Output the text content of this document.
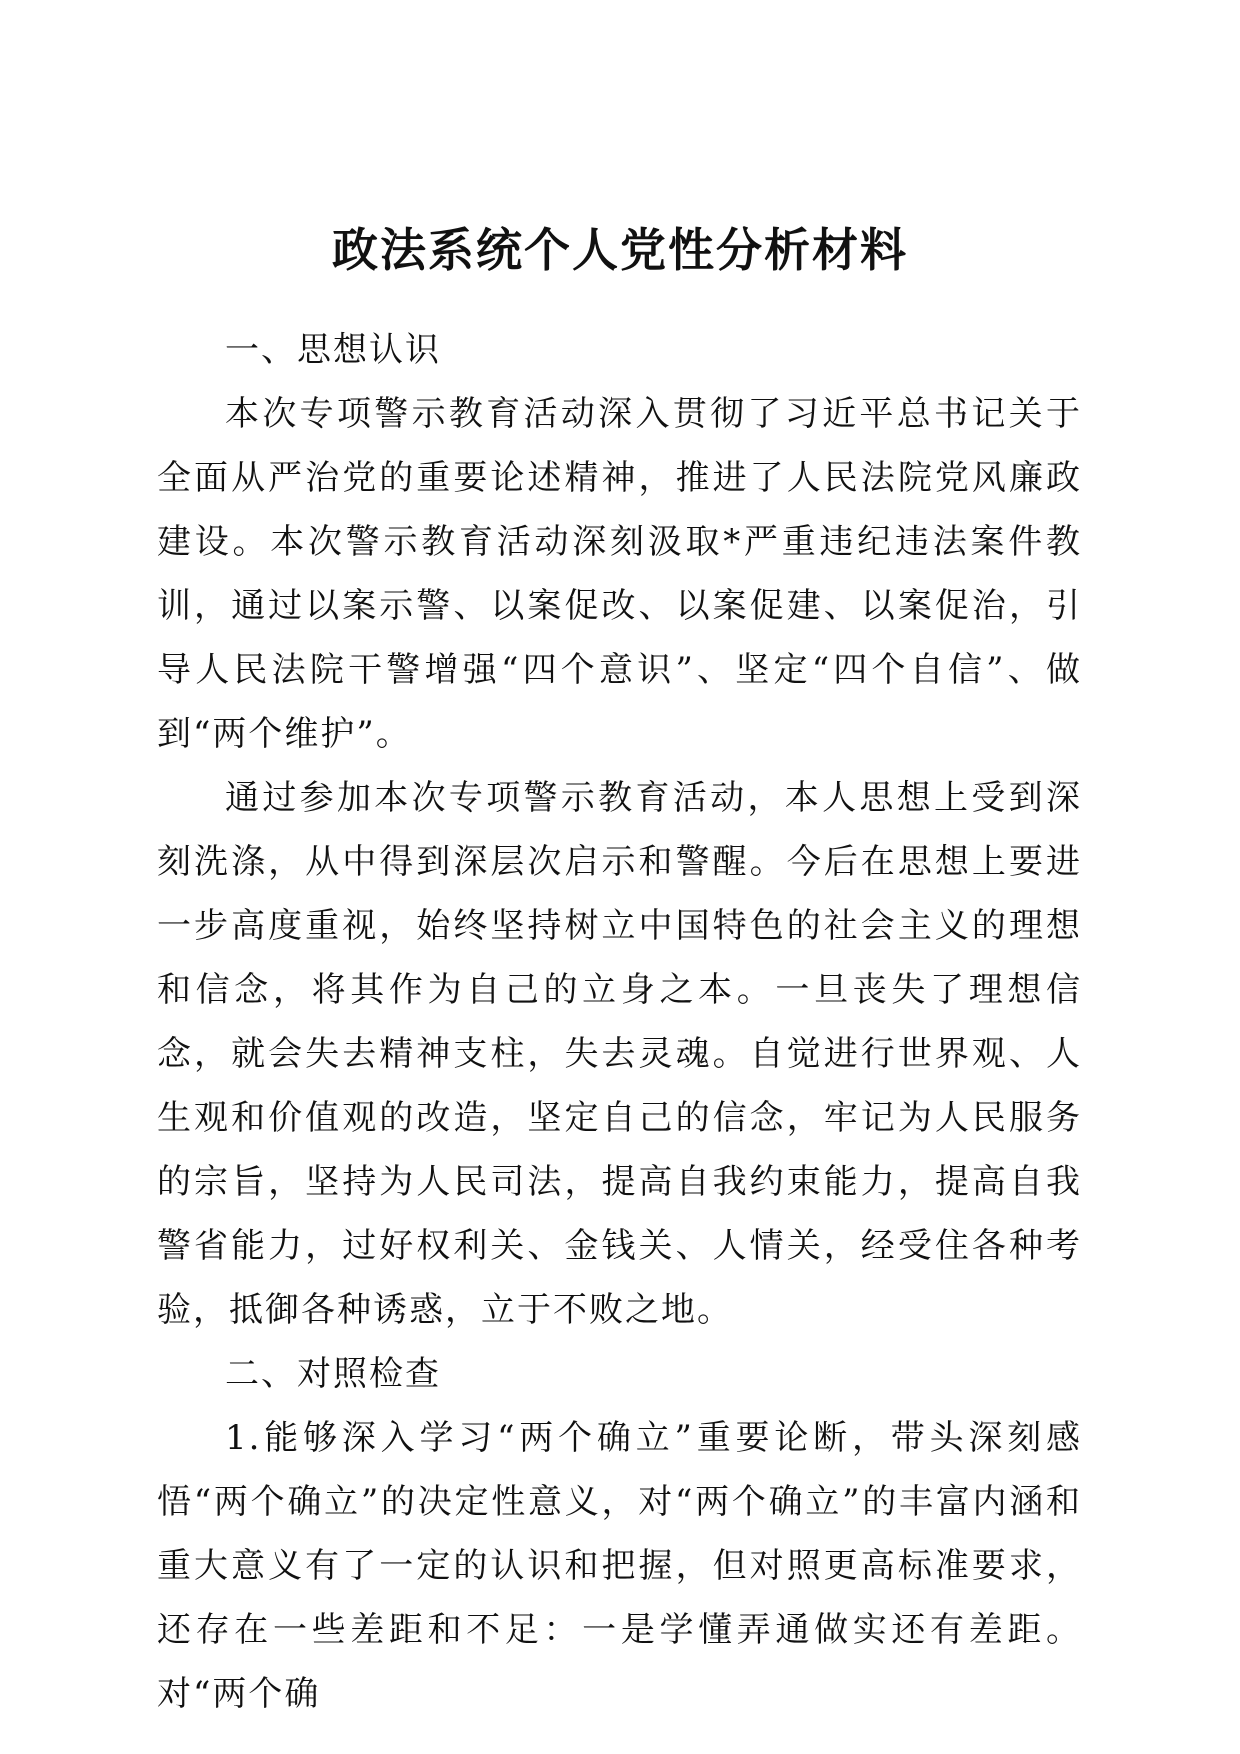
政法系统个人党性分析材料

一、思想认识

本次专项警示教育活动深入贯彻了习近平总书记关于全面从严治党的重要论述精神，推进了人民法院党风廉政建设。本次警示教育活动深刻汲取*严重违纪违法案件教训，通过以案示警、以案促改、以案促建、以案促治，引导人民法院干警增强“四个意识”、坚定“四个自信”、做到“两个维护”。

通过参加本次专项警示教育活动，本人思想上受到深刻洗涤，从中得到深层次启示和警醒。今后在思想上要进一步高度重视，始终坚持树立中国特色的社会主义的理想和信念，将其作为自己的立身之本。一旦丧失了理想信念，就会失去精神支柱，失去灵魂。自觉进行世界观、人生观和价值观的改造，坚定自己的信念，牢记为人民服务的宗旨，坚持为人民司法，提高自我约束能力，提高自我警省能力，过好权利关、金钱关、人情关，经受住各种考验，抵御各种诱惑，立于不败之地。

二、对照检查

1.能够深入学习“两个确立”重要论断，带头深刻感悟“两个确立”的决定性意义，对“两个确立”的丰富内涵和重大意义有了一定的认识和把握，但对照更高标准要求，还存在一些差距和不足：一是学懂弄通做实还有差距。对“两个确
